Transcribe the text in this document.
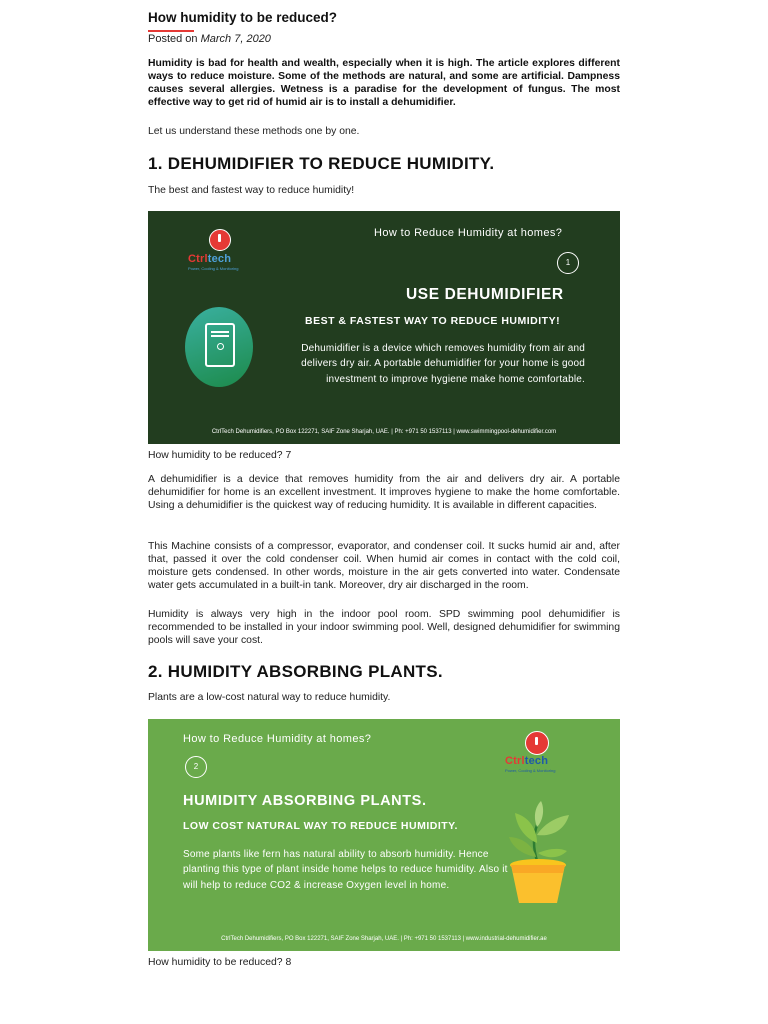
How humidity to be reduced?
Posted on March 7, 2020
Humidity is bad for health and wealth, especially when it is high. The article explores different ways to reduce moisture. Some of the methods are natural, and some are artificial. Dampness causes several allergies. Wetness is a paradise for the development of fungus. The most effective way to get rid of humid air is to install a dehumidifier.
Let us understand these methods one by one.
1. DEHUMIDIFIER TO REDUCE HUMIDITY.
The best and fastest way to reduce humidity!
Ctrltech
Power, Cooling & Monitoring
How to Reduce Humidity at homes?
1
USE DEHUMIDIFIER
BEST & FASTEST WAY TO REDUCE HUMIDITY!
Dehumidifier is a device which removes humidity from air and delivers dry air. A portable dehumidifier for your home is good investment to improve hygiene make home comfortable.
CtrlTech Dehumidifiers, PO Box 122271, SAIF Zone Sharjah, UAE. | Ph: +971 50 1537113 | www.swimmingpool-dehumidifier.com
How humidity to be reduced? 7
A dehumidifier is a device that removes humidity from the air and delivers dry air. A portable dehumidifier for home is an excellent investment. It improves hygiene to make the home comfortable. Using a dehumidifier is the quickest way of reducing humidity. It is available in different capacities.
This Machine consists of a compressor, evaporator, and condenser coil. It sucks humid air and, after that, passed it over the cold condenser coil. When humid air comes in contact with the cold coil, moisture gets condensed. In other words, moisture in the air gets converted into water. Condensate water gets accumulated in a built-in tank. Moreover, dry air discharged in the room.
Humidity is always very high in the indoor pool room. SPD swimming pool dehumidifier is recommended to be installed in your indoor swimming pool. Well, designed dehumidifier for swimming pools will save your cost.
2. HUMIDITY ABSORBING PLANTS.
Plants are a low-cost natural way to reduce humidity.
How to Reduce Humidity at homes?
2	Ctrltech
Power, Cooling & Monitoring
HUMIDITY ABSORBING PLANTS.
LOW COST NATURAL WAY TO REDUCE HUMIDITY.
Some plants like fern has natural ability to absorb humidity. Hence planting this type of plant inside home helps to reduce humidity. Also it will help to reduce CO2 & increase Oxygen level in home.
CtrlTech Dehumidifiers, PO Box 122271, SAIF Zone Sharjah, UAE. | Ph: +971 50 1537113 | www.industrial-dehumidifier.ae
How humidity to be reduced? 8
